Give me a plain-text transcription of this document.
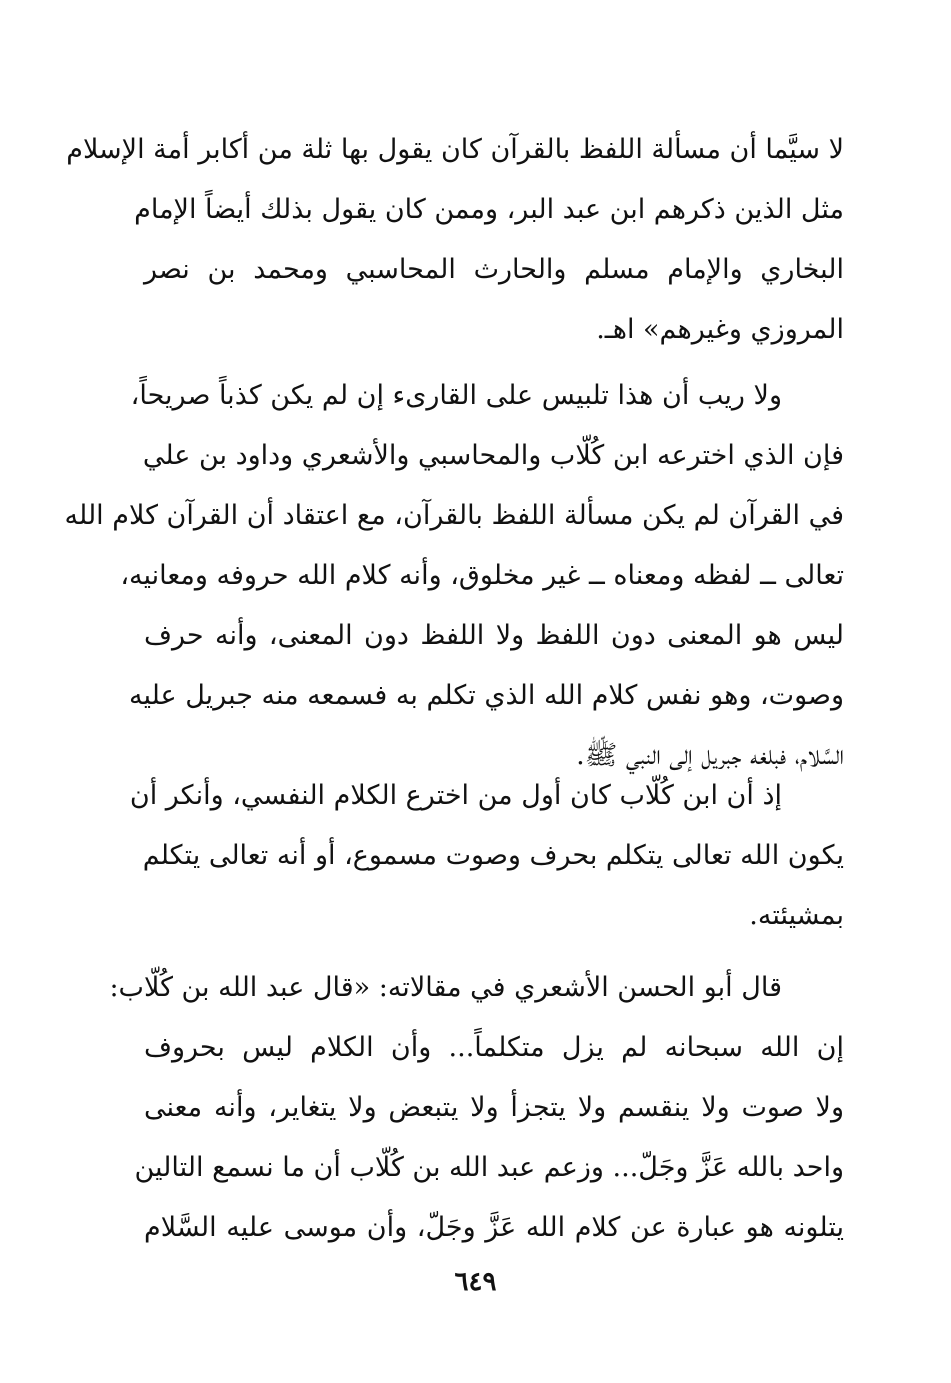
لا سيَّما أن مسألة اللفظ بالقرآن كان يقول بها ثلة من أكابر أمة الإسلام
مثل الذين ذكرهم ابن عبد البر، وممن كان يقول بذلك أيضاً الإمام
البخاري والإمام مسلم والحارث المحاسبي ومحمد بن نصر
المروزي وغيرهم» اهـ.
ولا ريب أن هذا تلبيس على القارىء إن لم يكن كذباً صريحاً،
فإن الذي اخترعه ابن كُلّاب والمحاسبي والأشعري وداود بن علي
في القرآن لم يكن مسألة اللفظ بالقرآن، مع اعتقاد أن القرآن كلام الله
تعالى ــ لفظه ومعناه ــ غير مخلوق، وأنه كلام الله حروفه ومعانيه،
ليس هو المعنى دون اللفظ ولا اللفظ دون المعنى، وأنه حرف
وصوت، وهو نفس كلام الله الذي تكلم به فسمعه منه جبريل عليه
السَّلام، فبلغه جبريل إلى النبي ﷺ.
إذ أن ابن كُلّاب كان أول من اخترع الكلام النفسي، وأنكر أن
يكون الله تعالى يتكلم بحرف وصوت مسموع، أو أنه تعالى يتكلم
بمشيئته.
قال أبو الحسن الأشعري في مقالاته: «قال عبد الله بن كُلّاب:
إن الله سبحانه لم يزل متكلماً... وأن الكلام ليس بحروف
ولا صوت ولا ينقسم ولا يتجزأ ولا يتبعض ولا يتغاير، وأنه معنى
واحد بالله عَزَّ وجَلّ... وزعم عبد الله بن كُلّاب أن ما نسمع التالين
يتلونه هو عبارة عن كلام الله عَزَّ وجَلّ، وأن موسى عليه السَّلام
٦٤٩
